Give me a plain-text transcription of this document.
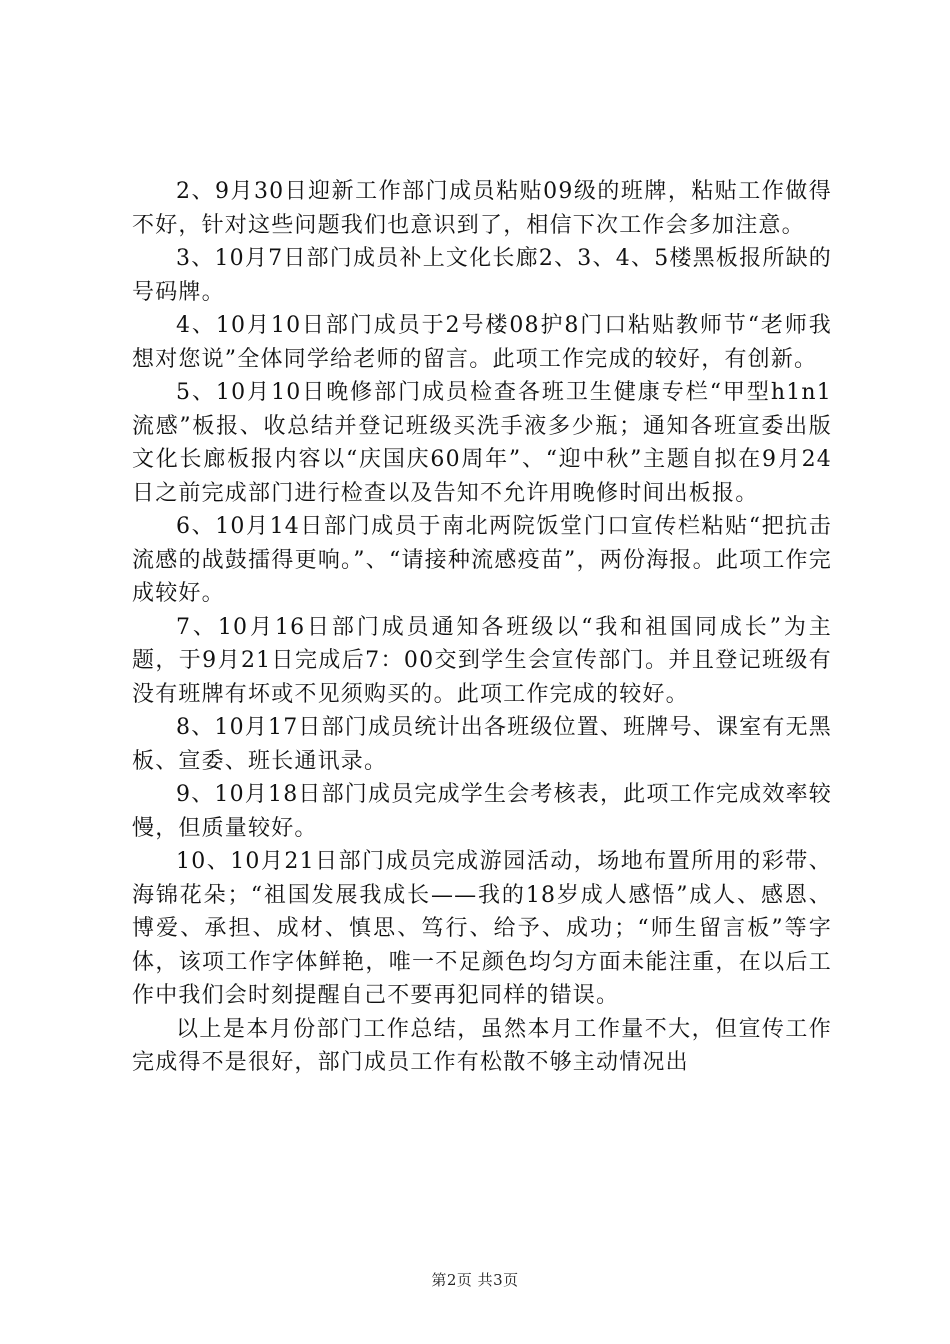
2、9月30日迎新工作部门成员粘贴09级的班牌，粘贴工作做得不好，针对这些问题我们也意识到了，相信下次工作会多加注意。

3、10月7日部门成员补上文化长廊2、3、4、5楼黑板报所缺的号码牌。

4、10月10日部门成员于2号楼08护8门口粘贴教师节“老师我想对您说”全体同学给老师的留言。此项工作完成的较好，有创新。

5、10月10日晚修部门成员检查各班卫生健康专栏“甲型h1n1流感”板报、收总结并登记班级买洗手液多少瓶；通知各班宣委出版文化长廊板报内容以“庆国庆60周年”、“迎中秋”主题自拟在9月24日之前完成部门进行检查以及告知不允许用晚修时间出板报。

6、10月14日部门成员于南北两院饭堂门口宣传栏粘贴“把抗击流感的战鼓擂得更响。”、“请接种流感疫苗”，两份海报。此项工作完成较好。

7、10月16日部门成员通知各班级以“我和祖国同成长”为主题，于9月21日完成后7：00交到学生会宣传部门。并且登记班级有没有班牌有坏或不见须购买的。此项工作完成的较好。

8、10月17日部门成员统计出各班级位置、班牌号、课室有无黑板、宣委、班长通讯录。

9、10月18日部门成员完成学生会考核表，此项工作完成效率较慢，但质量较好。

10、10月21日部门成员完成游园活动，场地布置所用的彩带、海锦花朵；“祖国发展我成长——我的18岁成人感悟”成人、感恩、博爱、承担、成材、慎思、笃行、给予、成功；“师生留言板”等字体，该项工作字体鲜艳，唯一不足颜色均匀方面未能注重，在以后工作中我们会时刻提醒自己不要再犯同样的错误。

以上是本月份部门工作总结，虽然本月工作量不大，但宣传工作完成得不是很好，部门成员工作有松散不够主动情况出

第2页 共3页
